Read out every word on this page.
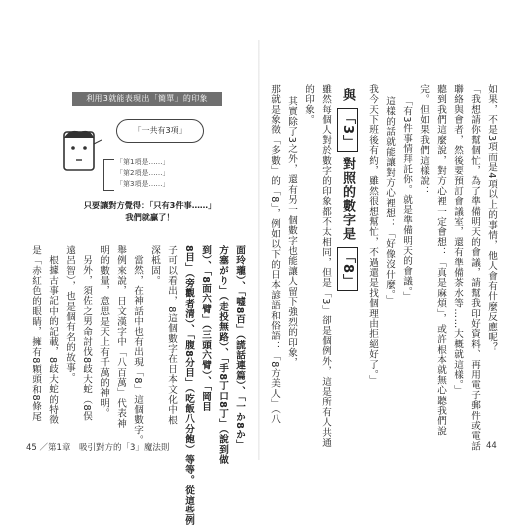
利用3就能表現出「簡單」的印象
「一共有3項」
「第1項是……」
「第2項是……」
「第3項是……」
只要讓對方覺得：「只有3件事……」
我們就贏了！
與 「3」 對照的數字是 「8」	如果，不是3項而是4項以上的事情，他人會有什麼反應呢？
「我想請你幫個忙，為了準備明天的會議，請幫我印好資料、再用電子郵件或電話
聯絡與會者，然後要預訂會議室，還有準備茶水等……大概就這樣。」
聽到我們這麼說，對方心裡一定會想：「真是麻煩」，或許根本就無心聽我們說
完。但如果我們這樣說：
「有3件事情拜託你。就是準備明天的會議。」
這樣的話就能讓對方心裡想：「好像沒什麼。」
我今天下班後有約，雖然很想幫忙，不過還是找個理由拒絕好了。」
雖然每個人對於數字的印象都不太相同，但是「3」卻是個例外，這是所有人共通
的印象。
其實除了3之外，還有另一個數字也能讓人留下強烈的印象，
那就是象徵「多數」的「8」，例如以下的日本諺語和俗語：「8方美人」（八
面玲瓏）、「嘘8百」（謊話連篇）、「一か8か」
方塞がり」（走投無路）、「手8丁口8丁」（說到做
到）、「8面六臂」（三頭六臂）、「岡目
8目」（旁觀者清）、「腹8分目」（吃飯八分飽）等等。從這些例
子可以看出，8這個數字在日本文化中根
深柢固。
當然，在神話中也有出現「8」這個數字。
舉例來說，日文漢字中「八百萬」代表神
明的數量，意思是天上有千萬的神明。
另外，須佐之男命討伐8歧大蛇（8俣
遠呂智），也是個有名的故事。
根據古事記中的記載，8歧大蛇的特徵
是「赤紅色的眼睛，擁有8顆頭和8條尾
45 ／第1章　吸引對方的「3」魔法則	44
